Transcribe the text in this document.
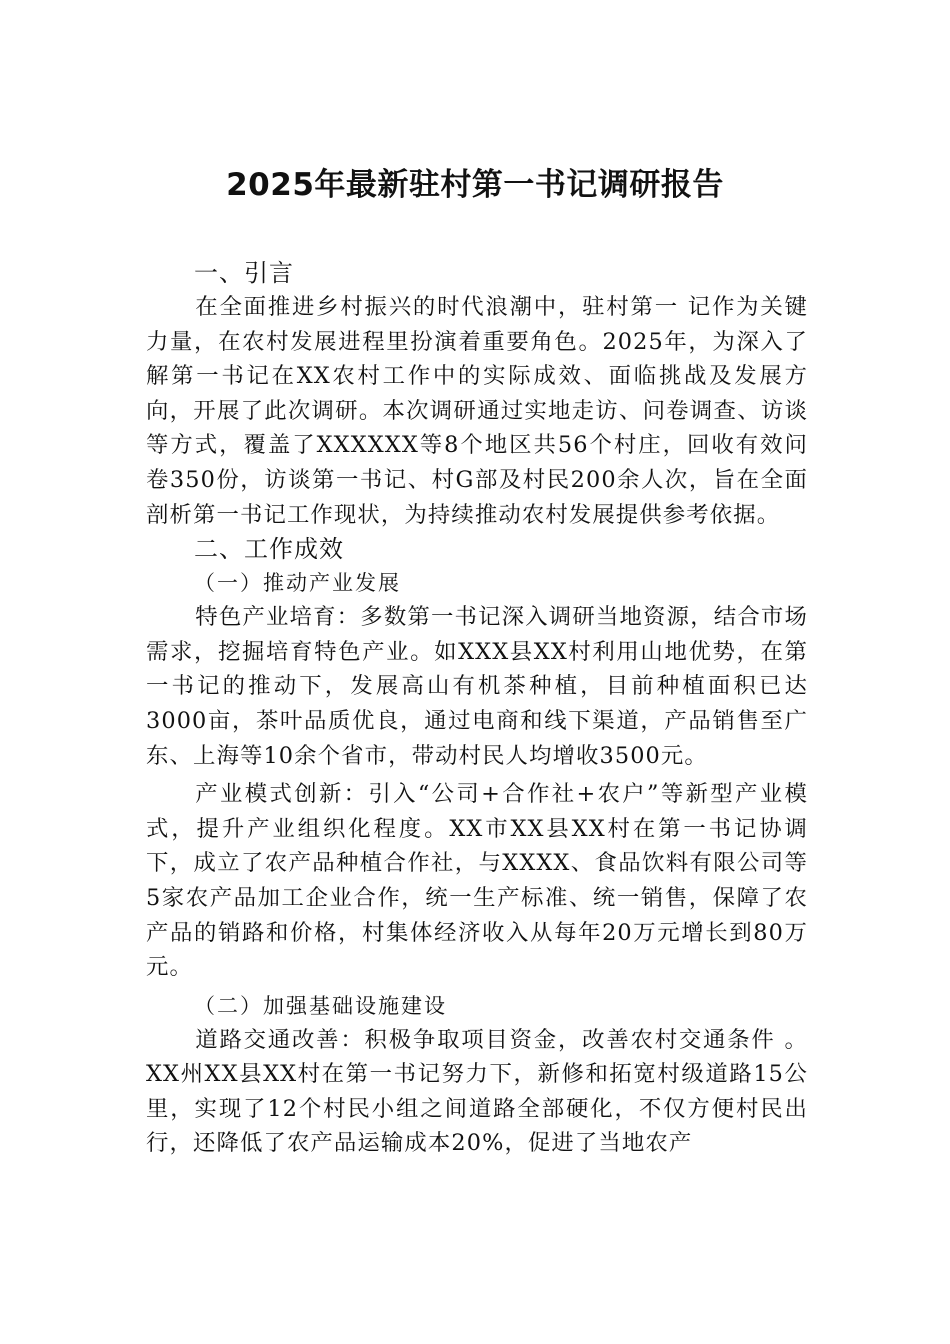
2025年最新驻村第一书记调研报告
一、引言

在全面推进乡村振兴的时代浪潮中，驻村第一 记作为关键力量，在农村发展进程里扮演着重要角色。2025年，为深入了解第一书记在XX农村工作中的实际成效、面临挑战及发展方向，开展了此次调研。本次调研通过实地走访、问卷调查、访谈等方式，覆盖了XXXXXX等8个地区共56个村庄，回收有效问卷350份，访谈第一书记、村G部及村民200余人次，旨在全面剖析第一书记工作现状，为持续推动农村发展提供参考依据。

二、工作成效
（一）推动产业发展

特色产业培育：多数第一书记深入调研当地资源，结合市场需求，挖掘培育特色产业。如XXX县XX村利用山地优势，在第一书记的推动下，发展高山有机茶种植，目前种植面积已达3000亩，茶叶品质优良，通过电商和线下渠道，产品销售至广东、上海等10余个省市，带动村民人均增收3500元。

产业模式创新：引入“公司+合作社+农户”等新型产业模式，提升产业组织化程度。XX市XX县XX村在第一书记协调下，成立了农产品种植合作社，与XXXX、食品饮料有限公司等5家农产品加工企业合作，统一生产标准、统一销售，保障了农产品的销路和价格，村集体经济收入从每年20万元增长到80万元。

（二）加强基础设施建设

道路交通改善：积极争取项目资金，改善农村交通条件 。XX州XX县XX村在第一书记努力下，新修和拓宽村级道路15公里，实现了12个村民小组之间道路全部硬化，不仅方便村民出行，还降低了农产品运输成本20%，促进了当地农产
